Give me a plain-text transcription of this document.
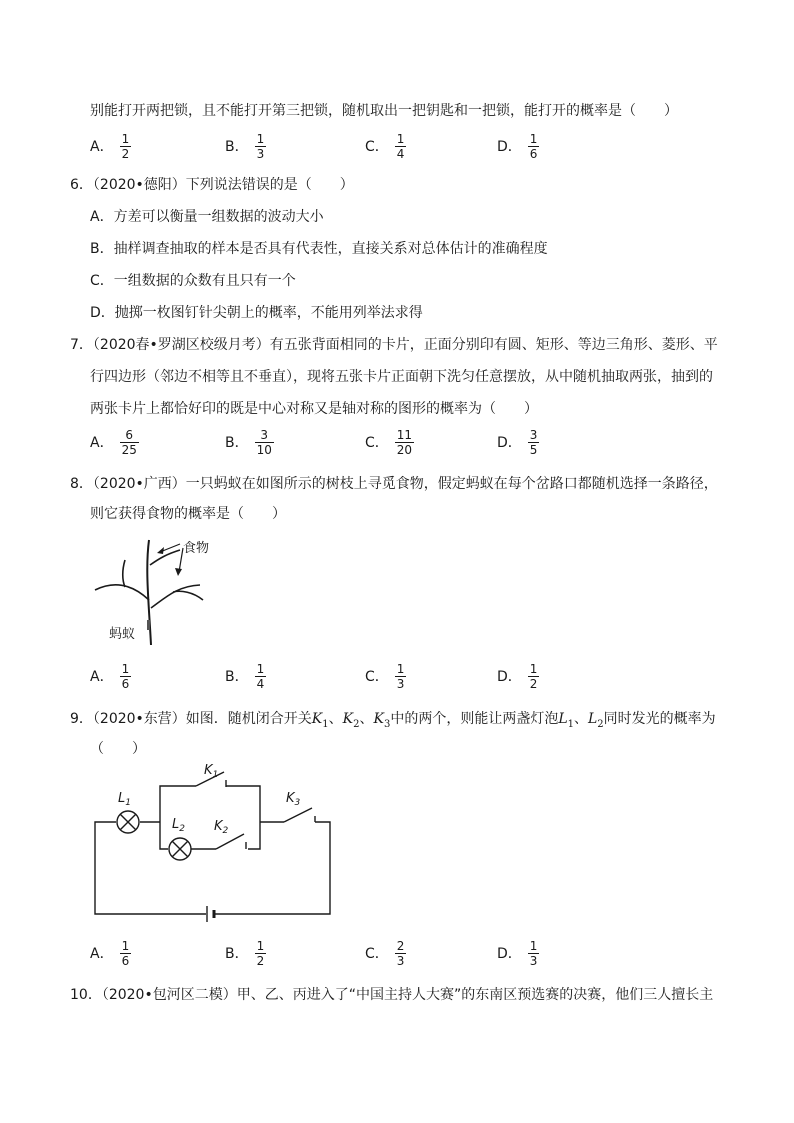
别能打开两把锁，且不能打开第三把锁，随机取出一把钥匙和一把锁，能打开的概率是（　　）
A． $\frac{1}{2}$	B． $\frac{1}{3}$	C． $\frac{1}{4}$	D． $\frac{1}{6}$
6．（2020•德阳）下列说法错误的是（　　）
A．方差可以衡量一组数据的波动大小
B．抽样调查抽取的样本是否具有代表性，直接关系对总体估计的准确程度
C．一组数据的众数有且只有一个
D．抛掷一枚图钉针尖朝上的概率，不能用列举法求得
7．（2020春•罗湖区校级月考）有五张背面相同的卡片，正面分别印有圆、矩形、等边三角形、菱形、平
行四边形（邻边不相等且不垂直），现将五张卡片正面朝下洗匀任意摆放，从中随机抽取两张，抽到的
两张卡片上都恰好印的既是中心对称又是轴对称的图形的概率为（　　）
A． $\frac{6}{25}$	B． $\frac{3}{10}$	C． $\frac{11}{20}$	D． $\frac{3}{5}$
8．（2020•广西）一只蚂蚁在如图所示的树枝上寻觅食物，假定蚂蚁在每个岔路口都随机选择一条路径，
则它获得食物的概率是（　　）
食物
蚂蚁
A． $\frac{1}{6}$	B． $\frac{1}{4}$	C． $\frac{1}{3}$	D． $\frac{1}{2}$
9．（2020•东营）如图．随机闭合开关$K_1$、$K_2$、$K_3$中的两个，则能让两盏灯泡$L_1$、$L_2$同时发光的概率为
（　　）
$L_1$
$L_2$
$K_1$
$K_2$
$K_3$
A． $\frac{1}{6}$	B． $\frac{1}{2}$	C． $\frac{2}{3}$	D． $\frac{1}{3}$
10．（2020•包河区二模）甲、乙、丙进入了“中国主持人大赛”的东南区预选赛的决赛，他们三人擅长主
